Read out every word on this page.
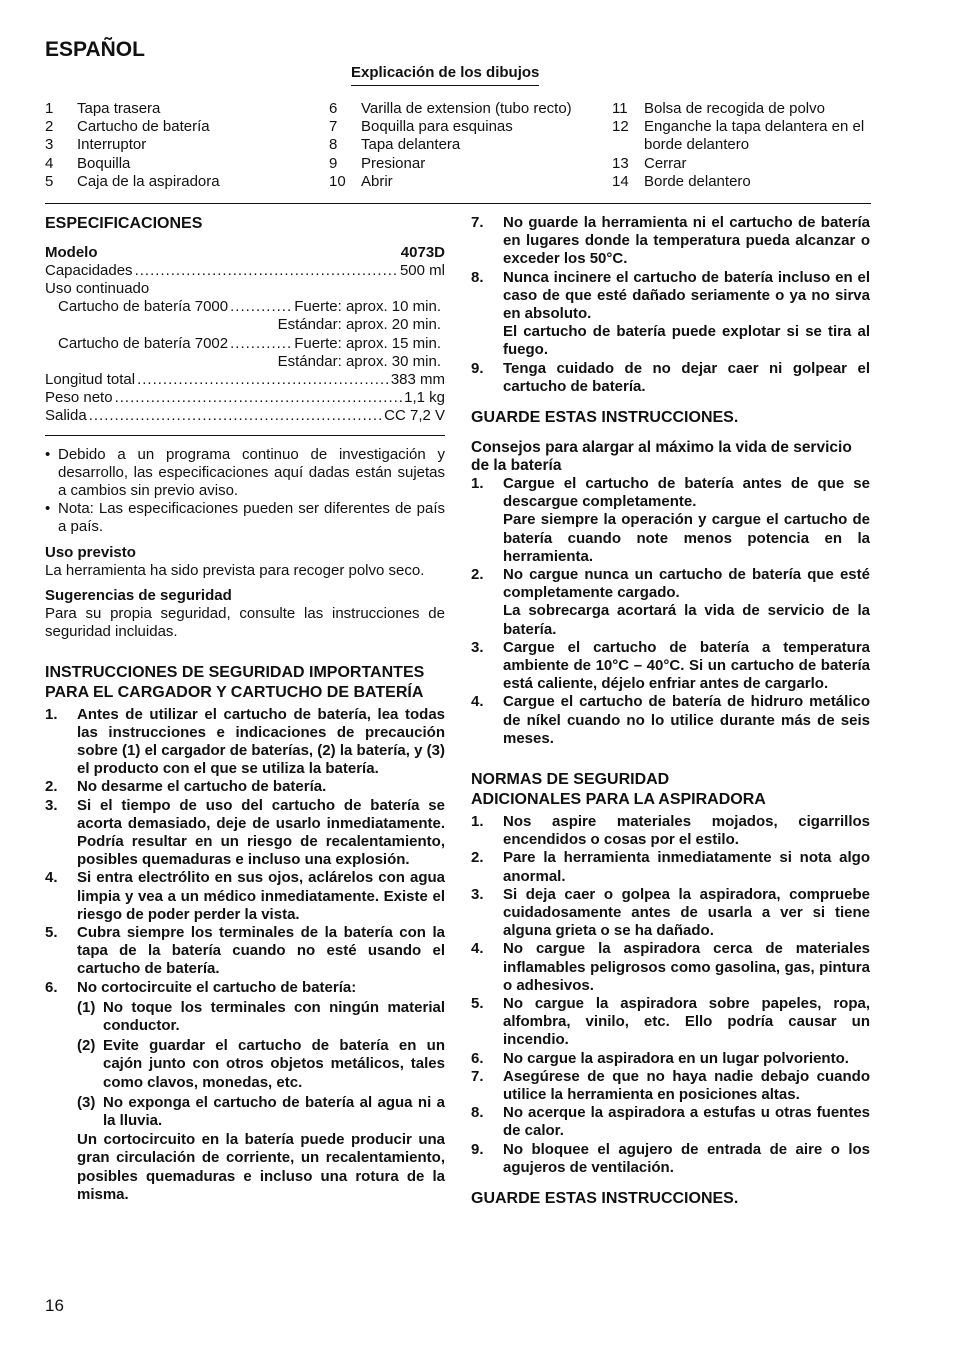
ESPAÑOL
Explicación de los dibujos
1	Tapa trasera
2	Cartucho de batería
3	Interruptor
4	Boquilla
5	Caja de la aspiradora
6	Varilla de extension (tubo recto)
7	Boquilla para esquinas
8	Tapa delantera
9	Presionar
10	Abrir
11	Bolsa de recogida de polvo
12	Enganche la tapa delantera en el borde delantero
13	Cerrar
14	Borde delantero
ESPECIFICACIONES
Modelo	4073D
Capacidades .....	500 ml
Uso continuado
Cartucho de batería 7000 .....	Fuerte: aprox. 10 min.
Estándar: aprox. 20 min.
Cartucho de batería 7002 .....	Fuerte: aprox. 15 min.
Estándar: aprox. 30 min.
Longitud total .....	383 mm
Peso neto .....	1,1 kg
Salida .....	CC 7,2 V
• Debido a un programa continuo de investigación y desarrollo, las especificaciones aquí dadas están sujetas a cambios sin previo aviso.
• Nota: Las especificaciones pueden ser diferentes de país a país.
Uso previsto
La herramienta ha sido prevista para recoger polvo seco.
Sugerencias de seguridad
Para su propia seguridad, consulte las instrucciones de seguridad incluidas.
INSTRUCCIONES DE SEGURIDAD IMPORTANTES PARA EL CARGADOR Y CARTUCHO DE BATERÍA
1.	Antes de utilizar el cartucho de batería, lea todas las instrucciones e indicaciones de precaución sobre (1) el cargador de baterías, (2) la batería, y (3) el producto con el que se utiliza la batería.
2.	No desarme el cartucho de batería.
3.	Si el tiempo de uso del cartucho de batería se acorta demasiado, deje de usarlo inmediatamente. Podría resultar en un riesgo de recalentamiento, posibles quemaduras e incluso una explosión.
4.	Si entra electrólito en sus ojos, aclárelos con agua limpia y vea a un médico inmediatamente. Existe el riesgo de poder perder la vista.
5.	Cubra siempre los terminales de la batería con la tapa de la batería cuando no esté usando el cartucho de batería.
6.	No cortocircuite el cartucho de batería:
(1) No toque los terminales con ningún material conductor.
(2) Evite guardar el cartucho de batería en un cajón junto con otros objetos metálicos, tales como clavos, monedas, etc.
(3) No exponga el cartucho de batería al agua ni a la lluvia.
Un cortocircuito en la batería puede producir una gran circulación de corriente, un recalentamiento, posibles quemaduras e incluso una rotura de la misma.
7.	No guarde la herramienta ni el cartucho de batería en lugares donde la temperatura pueda alcanzar o exceder los 50°C.
8.	Nunca incinere el cartucho de batería incluso en el caso de que esté dañado seriamente o ya no sirva en absoluto.
El cartucho de batería puede explotar si se tira al fuego.
9.	Tenga cuidado de no dejar caer ni golpear el cartucho de batería.
GUARDE ESTAS INSTRUCCIONES.
Consejos para alargar al máximo la vida de servicio de la batería
1.	Cargue el cartucho de batería antes de que se descargue completamente.
Pare siempre la operación y cargue el cartucho de batería cuando note menos potencia en la herramienta.
2.	No cargue nunca un cartucho de batería que esté completamente cargado.
La sobrecarga acortará la vida de servicio de la batería.
3.	Cargue el cartucho de batería a temperatura ambiente de 10°C – 40°C. Si un cartucho de batería está caliente, déjelo enfriar antes de cargarlo.
4.	Cargue el cartucho de batería de hidruro metálico de níkel cuando no lo utilice durante más de seis meses.
NORMAS DE SEGURIDAD
ADICIONALES PARA LA ASPIRADORA
1.	Nos aspire materiales mojados, cigarrillos encendidos o cosas por el estilo.
2.	Pare la herramienta inmediatamente si nota algo anormal.
3.	Si deja caer o golpea la aspiradora, compruebe cuidadosamente antes de usarla a ver si tiene alguna grieta o se ha dañado.
4.	No cargue la aspiradora cerca de materiales inflamables peligrosos como gasolina, gas, pintura o adhesivos.
5.	No cargue la aspiradora sobre papeles, ropa, alfombra, vinilo, etc. Ello podría causar un incendio.
6.	No cargue la aspiradora en un lugar polvoriento.
7.	Asegúrese de que no haya nadie debajo cuando utilice la herramienta en posiciones altas.
8.	No acerque la aspiradora a estufas u otras fuentes de calor.
9.	No bloquee el agujero de entrada de aire o los agujeros de ventilación.
GUARDE ESTAS INSTRUCCIONES.
16
